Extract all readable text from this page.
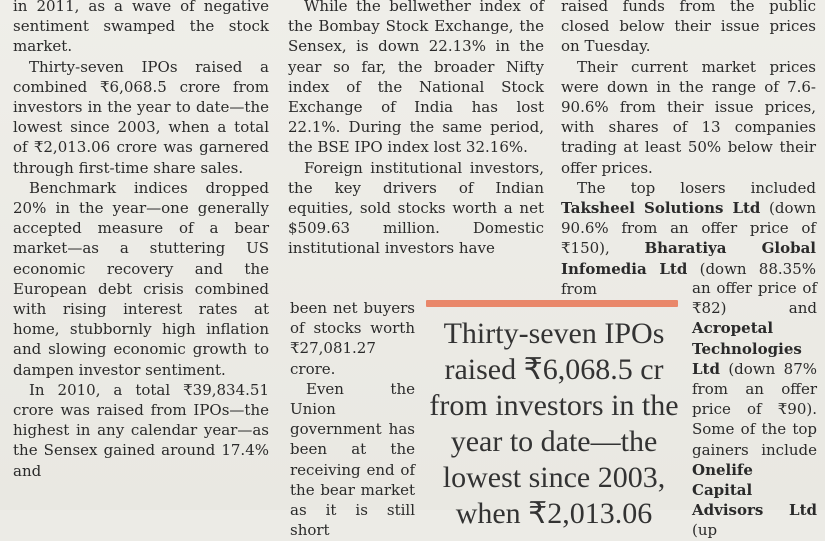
in 2011, as a wave of negative sentiment swamped the stock market.

Thirty-seven IPOs raised a combined ₹6,068.5 crore from investors in the year to date—the lowest since 2003, when a total of ₹2,013.06 crore was garnered through first-time share sales.

Benchmark indices dropped 20% in the year—one generally accepted measure of a bear market—as a stuttering US economic recovery and the European debt crisis combined with rising interest rates at home, stubbornly high inflation and slowing economic growth to dampen investor sentiment.

In 2010, a total ₹39,834.51 crore was raised from IPOs—the highest in any calendar year—as the Sensex gained around 17.4% and

While the bellwether index of the Bombay Stock Exchange, the Sensex, is down 22.13% in the year so far, the broader Nifty index of the National Stock Exchange of India has lost 22.1%. During the same period, the BSE IPO index lost 32.16%.

Foreign institutional investors, the key drivers of Indian equities, sold stocks worth a net $509.63 million. Domestic institutional investors have

been net buyers of stocks worth ₹27,081.27 crore.

Even the Union government has been at the receiving end of the bear market as it is still short

raised funds from the public closed below their issue prices on Tuesday.

Their current market prices were down in the range of 7.6-90.6% from their issue prices, with shares of 13 companies trading at least 50% below their offer prices.

The top losers included Taksheel Solutions Ltd (down 90.6% from an offer price of ₹150), Bharatiya Global Infomedia Ltd (down 88.35% from	an offer price of ₹82) and Acropetal Technologies Ltd (down 87% from an offer price of ₹90). Some of the top gainers include Onelife Capital Advisors Ltd (up

Thirty-seven IPOs
raised ₹6,068.5 cr
from investors in the
year to date—the
lowest since 2003,
when ₹2,013.06
